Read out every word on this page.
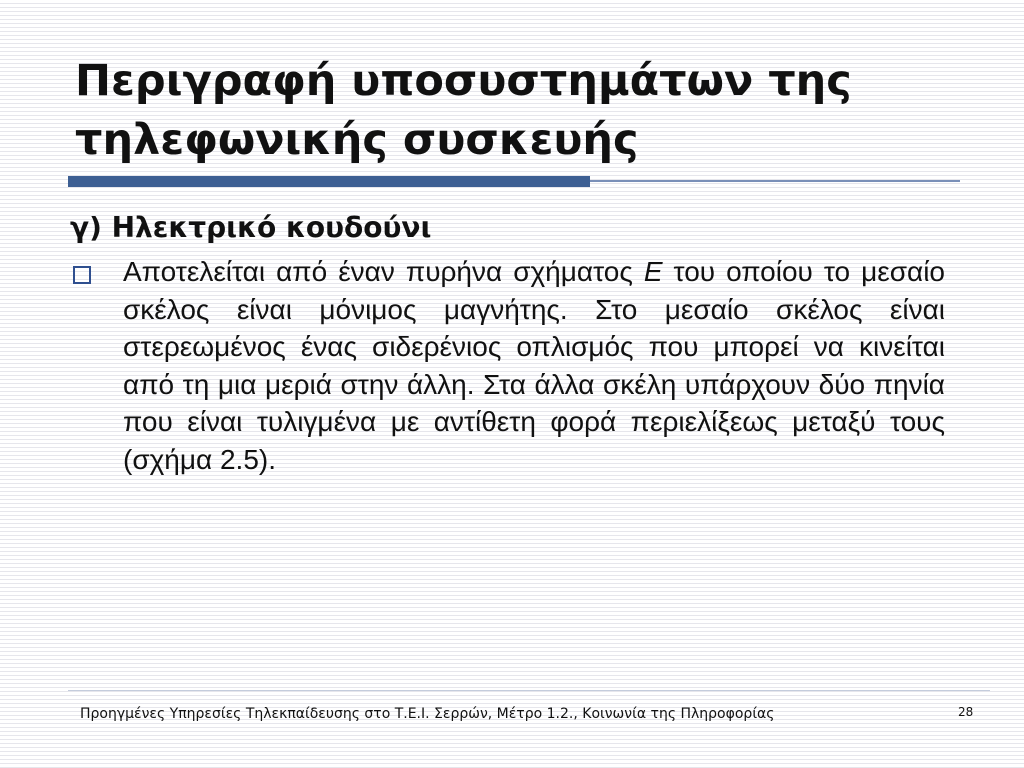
Περιγραφή υποσυστημάτων της τηλεφωνικής συσκευής
γ) Ηλεκτρικό κουδούνι

Αποτελείται από έναν πυρήνα σχήματος E του οποίου το μεσαίο σκέλος είναι μόνιμος μαγνήτης. Στο μεσαίο σκέλος είναι στερεωμένος ένας σιδερένιος οπλισμός που μπορεί να κινείται από τη μια μεριά στην άλλη. Στα άλλα σκέλη υπάρχουν δύο πηνία που είναι τυλιγμένα με αντίθετη φορά περιελίξεως μεταξύ τους (σχήμα 2.5).

Προηγμένες Υπηρεσίες Τηλεκπαίδευσης στο Τ.Ε.Ι. Σερρών, Μέτρο 1.2., Κοινωνία της Πληροφορίας	28
